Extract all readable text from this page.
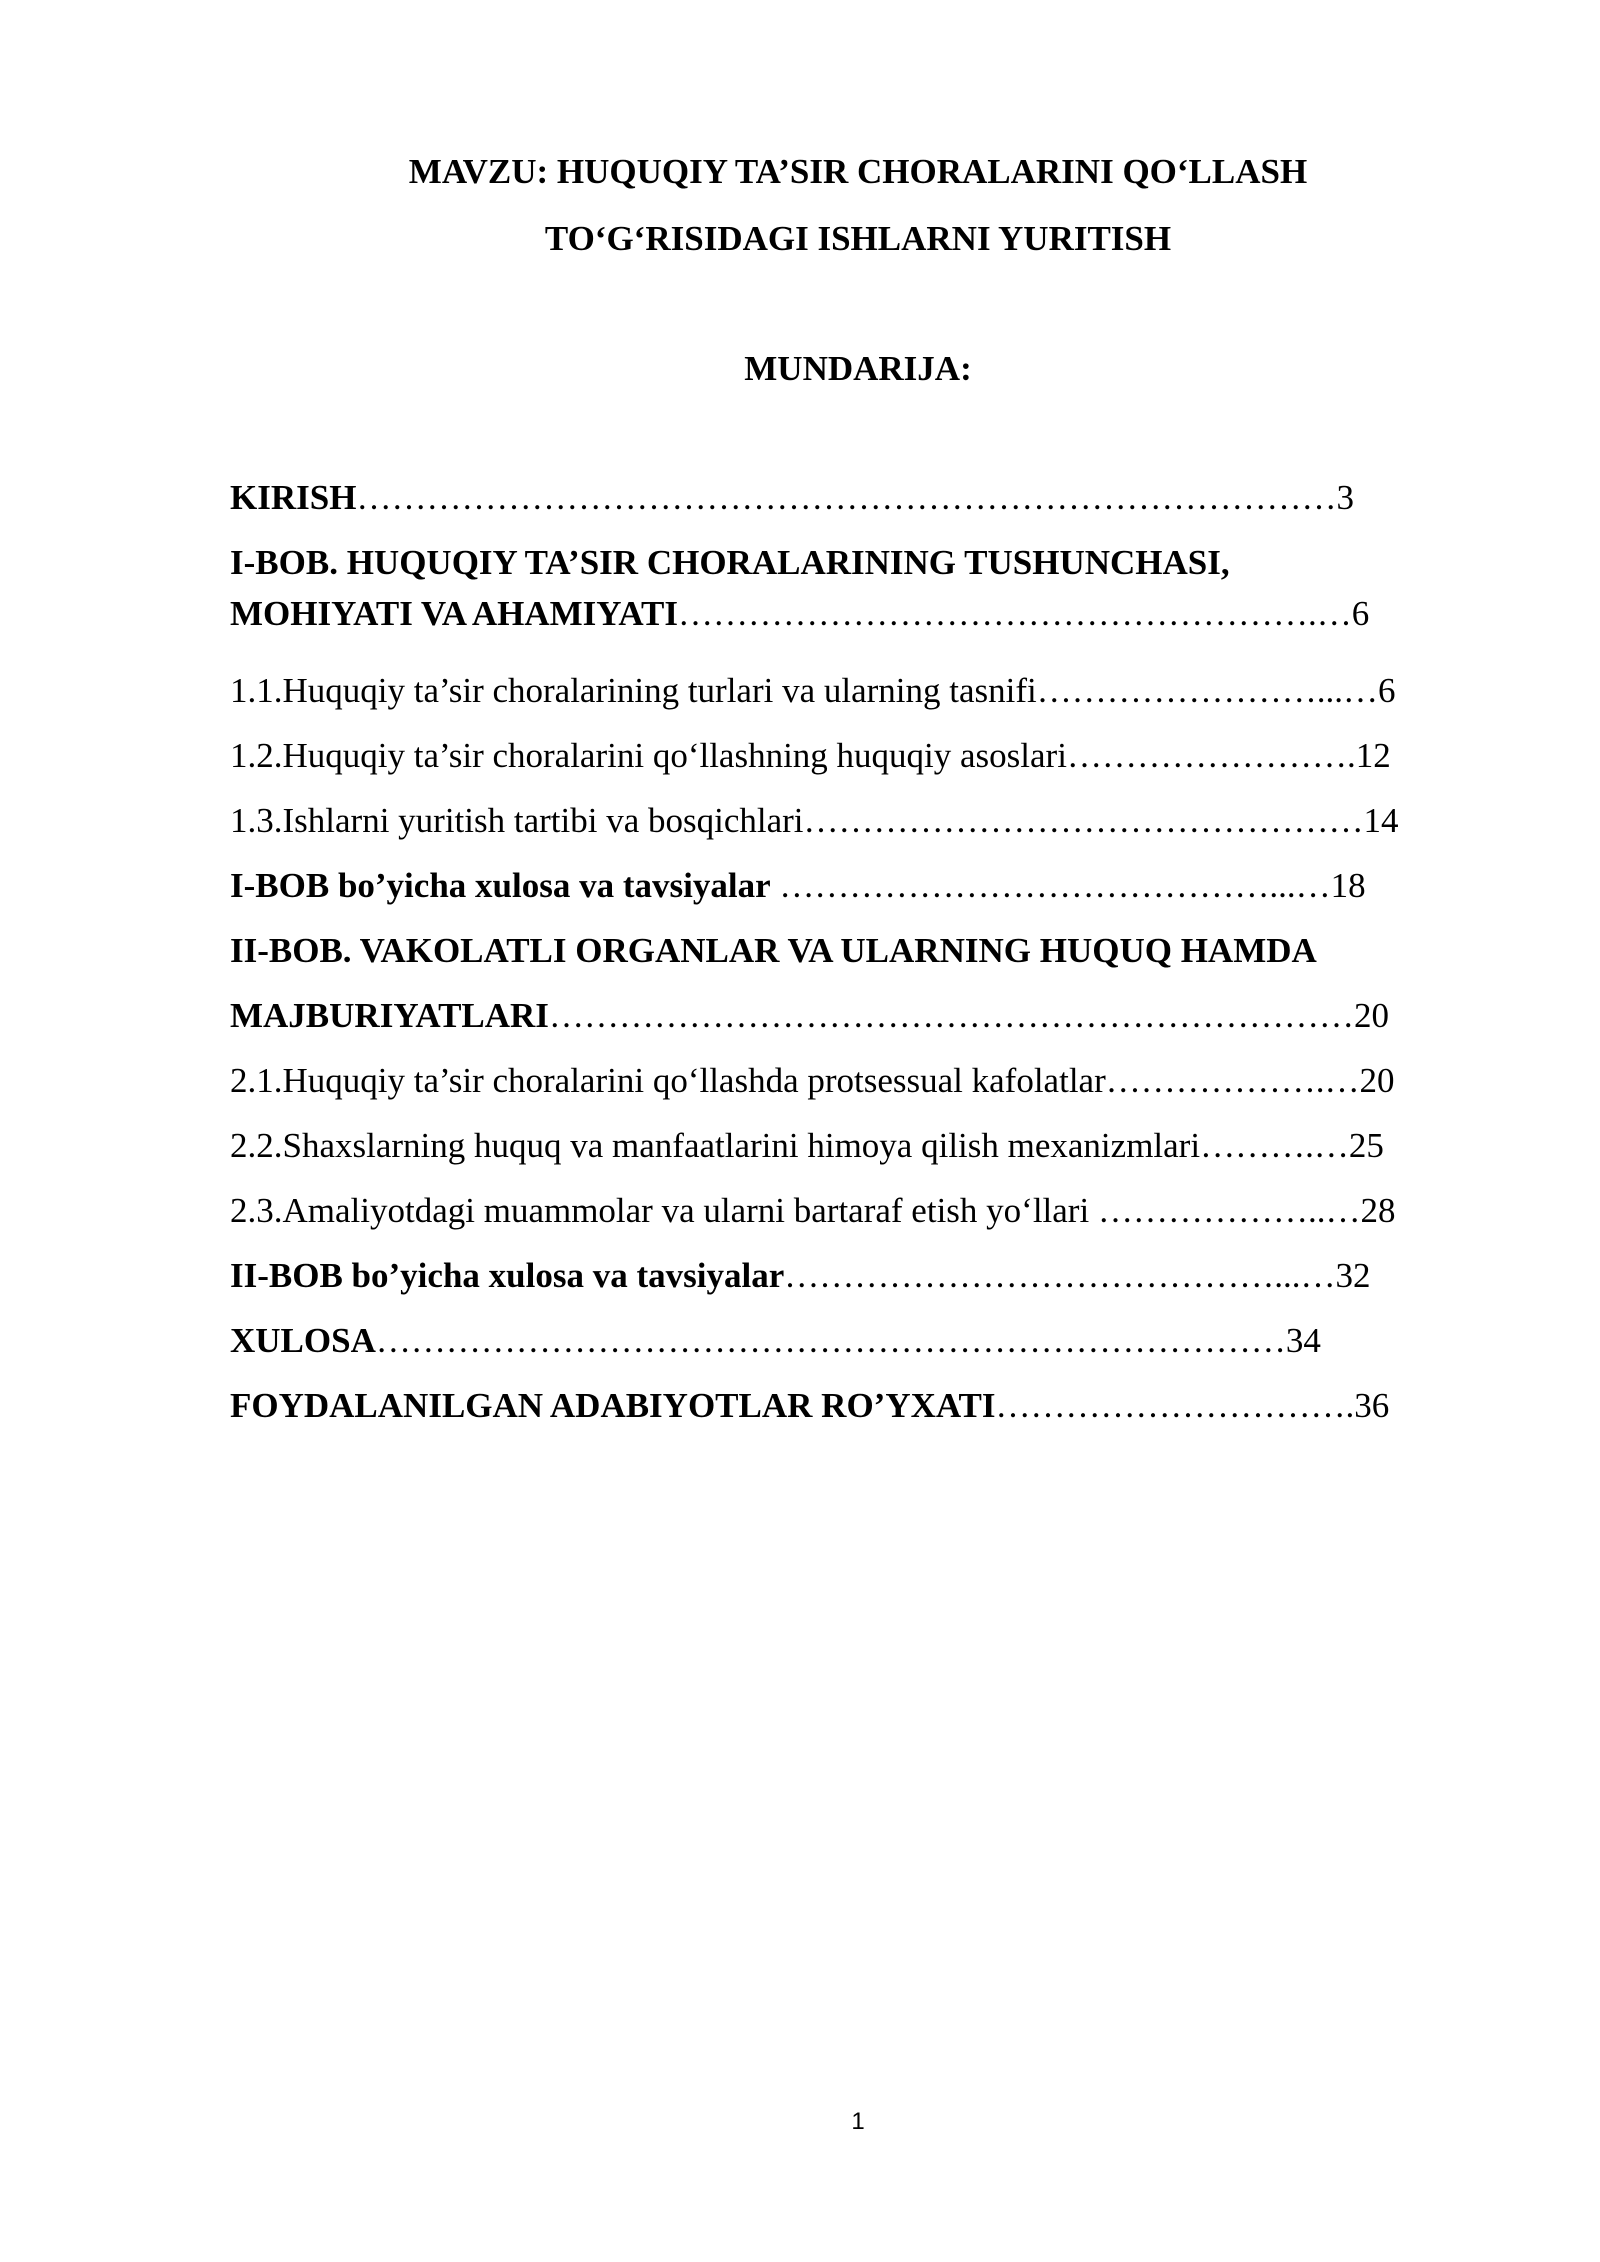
MAVZU: HUQUQIY TA’SIR CHORALARINI QO‘LLASH
TO‘G‘RISIDAGI ISHLARNI YURITISH
MUNDARIJA:
KIRISH…………………………………………………………………………3
I-BOB. HUQUQIY TA’SIR CHORALARINING TUSHUNCHASI,
MOHIYATI VA AHAMIYATI……………………………………………….…6
1.1.Huquqiy ta’sir choralarining turlari va ularning tasnifi……………………...…6
1.2.Huquqiy ta’sir choralarini qo‘llashning huquqiy asoslari…………………….12
1.3.Ishlarni yuritish tartibi va bosqichlari…………………………………………14
I-BOB bo’yicha xulosa va tavsiyalar ……………………………………...…18
II-BOB. VAKOLATLI ORGANLAR VA ULARNING HUQUQ HAMDA
MAJBURIYATLARI……………………………………………………………20
2.1.Huquqiy ta’sir choralarini qo‘llashda protsessual kafolatlar……………….…20
2.2.Shaxslarning huquq va manfaatlarini himoya qilish mexanizmlari……….…25
2.3.Amaliyotdagi muammolar va ularni bartaraf etish yo‘llari ………………..…28
II-BOB bo’yicha xulosa va tavsiyalar……………………………………...…32
XULOSA……………………………………………………………………34
FOYDALANILGAN ADABIYOTLAR RO’YXATI………………………….36
1
